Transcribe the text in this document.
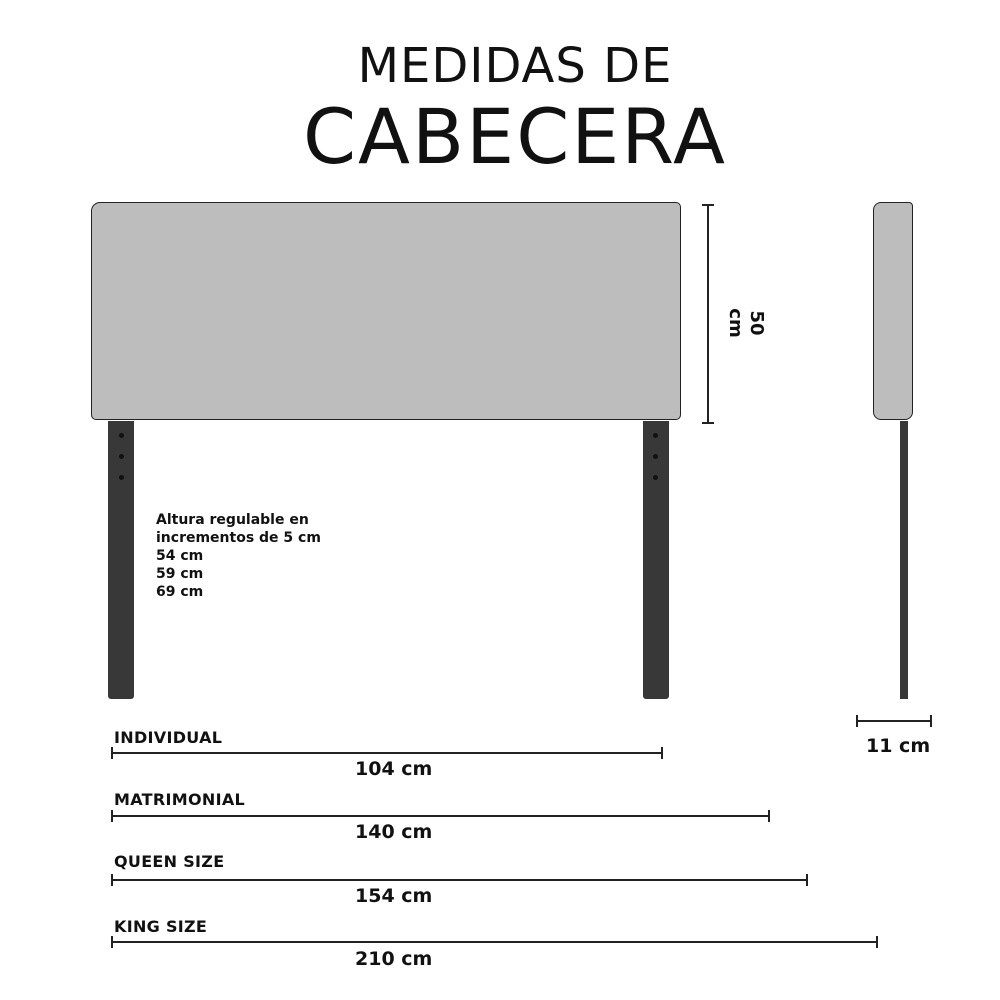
MEDIDAS DE
CABECERA
50 cm
11 cm
Altura regulable en
incrementos de 5 cm
54 cm
59 cm
69 cm
INDIVIDUAL
104 cm
MATRIMONIAL
140 cm
QUEEN SIZE
154 cm
KING SIZE
210 cm
